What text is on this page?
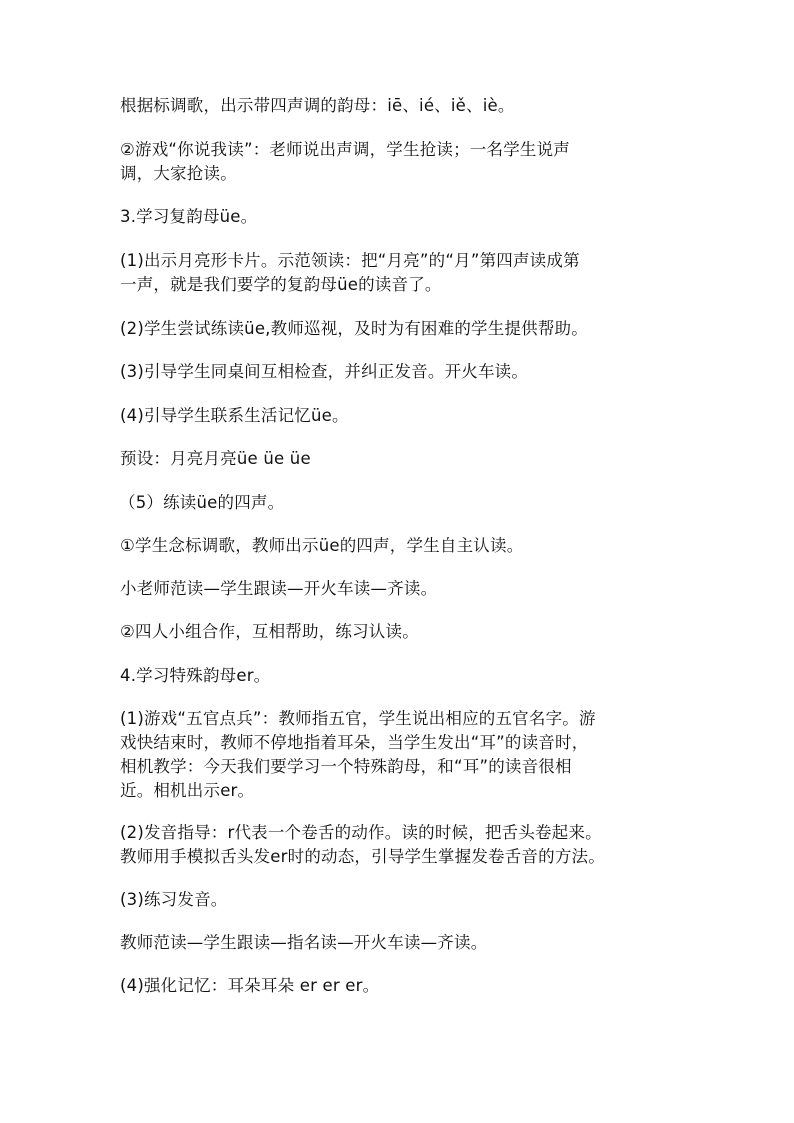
根据标调歌，出示带四声调的韵母：iē、ié、iě、iè。
②游戏“你说我读”：老师说出声调，学生抢读；一名学生说声
调，大家抢读。
3.学习复韵母üe。
(1)出示月亮形卡片。示范领读：把“月亮”的“月”第四声读成第
一声，就是我们要学的复韵母üe的读音了。
(2)学生尝试练读üe,教师巡视，及时为有困难的学生提供帮助。
(3)引导学生同桌间互相检查，并纠正发音。开火车读。
(4)引导学生联系生活记忆üe。
预设：月亮月亮üe üe üe
（5）练读üe的四声。
①学生念标调歌，教师出示üe的四声，学生自主认读。
小老师范读—学生跟读—开火车读—齐读。
②四人小组合作，互相帮助，练习认读。
4.学习特殊韵母er。
(1)游戏“五官点兵”：教师指五官，学生说出相应的五官名字。游
戏快结束时，教师不停地指着耳朵，当学生发出“耳”的读音时，
相机教学：今天我们要学习一个特殊韵母，和“耳”的读音很相
近。相机出示er。
(2)发音指导：r代表一个卷舌的动作。读的时候，把舌头卷起来。
教师用手模拟舌头发er时的动态，引导学生掌握发卷舌音的方法。
(3)练习发音。
教师范读—学生跟读—指名读—开火车读—齐读。
(4)强化记忆：耳朵耳朵 er er er。
